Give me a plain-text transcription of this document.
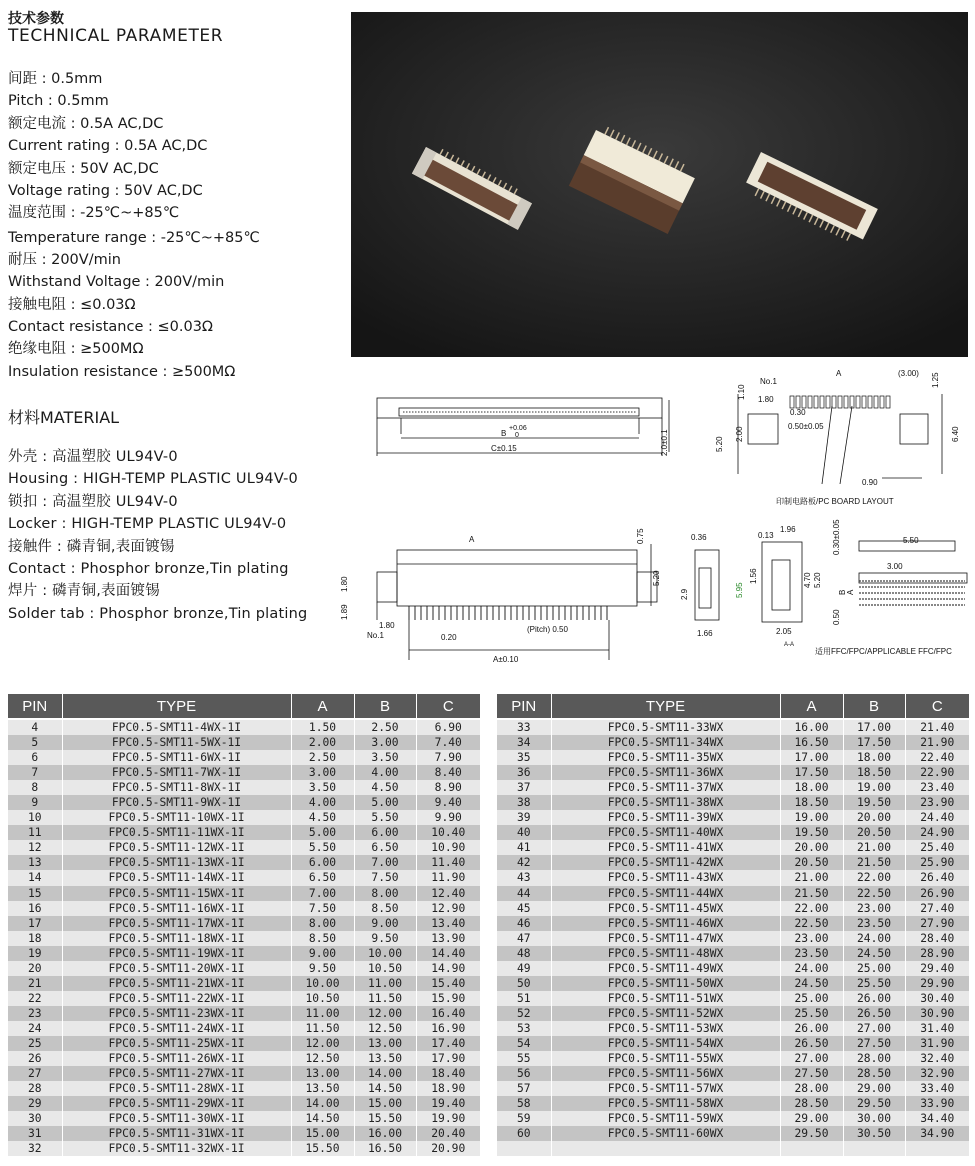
技术参数
TECHNICAL PARAMETER
间距 : 0.5mm
Pitch : 0.5mm
额定电流 : 0.5A AC,DC
Current rating : 0.5A AC,DC
额定电压 : 50V AC,DC
Voltage rating : 50V AC,DC
温度范围 : -25℃~+85℃
Temperature range : -25℃~+85℃
耐压 : 200V/min
Withstand Voltage : 200V/min
接触电阻 : ≤0.03Ω
Contact resistance : ≤0.03Ω
绝缘电阻 : ≥500MΩ
Insulation resistance : ≥500MΩ
材料MATERIAL
外壳 : 高温塑胶 UL94V-0
Housing : HIGH-TEMP PLASTIC UL94V-0
锁扣 : 高温塑胶 UL94V-0
Locker : HIGH-TEMP PLASTIC UL94V-0
接触件 : 磷青铜,表面镀锡
Contact : Phosphor bronze,Tin plating
焊片 : 磷青铜,表面镀锡
Solder tab : Phosphor bronze,Tin plating
B
+0.06
0
C±0.15	2.0±0.1
No.1
A	(3.00) 1.25
1.10 1.80
0.30
0.50±0.05
2.00
5.20
6.40
0.90
印制电路板/PC BOARD LAYOUT
A	0.75
5.20
1.80
1.89
1.80
No.1	0.20
(Pitch) 0.50
A±0.10
0.36
2.9
1.66
0.13
1.96
5.95
1.56	4.70 5.20
2.05
A-A
0.30±0.05	5.50
3.00
B A
0.50
适用FFC/FPC/APPLICABLE FFC/FPC
PIN	TYPE	A	B	C
4	FPC0.5-SMT11-4WX-1I	1.50	2.50	6.90
5	FPC0.5-SMT11-5WX-1I	2.00	3.00	7.40
6	FPC0.5-SMT11-6WX-1I	2.50	3.50	7.90
7	FPC0.5-SMT11-7WX-1I	3.00	4.00	8.40
8	FPC0.5-SMT11-8WX-1I	3.50	4.50	8.90
9	FPC0.5-SMT11-9WX-1I	4.00	5.00	9.40
10	FPC0.5-SMT11-10WX-1I	4.50	5.50	9.90
11	FPC0.5-SMT11-11WX-1I	5.00	6.00	10.40
12	FPC0.5-SMT11-12WX-1I	5.50	6.50	10.90
13	FPC0.5-SMT11-13WX-1I	6.00	7.00	11.40
14	FPC0.5-SMT11-14WX-1I	6.50	7.50	11.90
15	FPC0.5-SMT11-15WX-1I	7.00	8.00	12.40
16	FPC0.5-SMT11-16WX-1I	7.50	8.50	12.90
17	FPC0.5-SMT11-17WX-1I	8.00	9.00	13.40
18	FPC0.5-SMT11-18WX-1I	8.50	9.50	13.90
19	FPC0.5-SMT11-19WX-1I	9.00	10.00	14.40
20	FPC0.5-SMT11-20WX-1I	9.50	10.50	14.90
21	FPC0.5-SMT11-21WX-1I	10.00	11.00	15.40
22	FPC0.5-SMT11-22WX-1I	10.50	11.50	15.90
23	FPC0.5-SMT11-23WX-1I	11.00	12.00	16.40
24	FPC0.5-SMT11-24WX-1I	11.50	12.50	16.90
25	FPC0.5-SMT11-25WX-1I	12.00	13.00	17.40
26	FPC0.5-SMT11-26WX-1I	12.50	13.50	17.90
27	FPC0.5-SMT11-27WX-1I	13.00	14.00	18.40
28	FPC0.5-SMT11-28WX-1I	13.50	14.50	18.90
29	FPC0.5-SMT11-29WX-1I	14.00	15.00	19.40
30	FPC0.5-SMT11-30WX-1I	14.50	15.50	19.90
31	FPC0.5-SMT11-31WX-1I	15.00	16.00	20.40
32	FPC0.5-SMT11-32WX-1I	15.50	16.50	20.90
PIN	TYPE	A	B	C
33	FPC0.5-SMT11-33WX	16.00	17.00	21.40
34	FPC0.5-SMT11-34WX	16.50	17.50	21.90
35	FPC0.5-SMT11-35WX	17.00	18.00	22.40
36	FPC0.5-SMT11-36WX	17.50	18.50	22.90
37	FPC0.5-SMT11-37WX	18.00	19.00	23.40
38	FPC0.5-SMT11-38WX	18.50	19.50	23.90
39	FPC0.5-SMT11-39WX	19.00	20.00	24.40
40	FPC0.5-SMT11-40WX	19.50	20.50	24.90
41	FPC0.5-SMT11-41WX	20.00	21.00	25.40
42	FPC0.5-SMT11-42WX	20.50	21.50	25.90
43	FPC0.5-SMT11-43WX	21.00	22.00	26.40
44	FPC0.5-SMT11-44WX	21.50	22.50	26.90
45	FPC0.5-SMT11-45WX	22.00	23.00	27.40
46	FPC0.5-SMT11-46WX	22.50	23.50	27.90
47	FPC0.5-SMT11-47WX	23.00	24.00	28.40
48	FPC0.5-SMT11-48WX	23.50	24.50	28.90
49	FPC0.5-SMT11-49WX	24.00	25.00	29.40
50	FPC0.5-SMT11-50WX	24.50	25.50	29.90
51	FPC0.5-SMT11-51WX	25.00	26.00	30.40
52	FPC0.5-SMT11-52WX	25.50	26.50	30.90
53	FPC0.5-SMT11-53WX	26.00	27.00	31.40
54	FPC0.5-SMT11-54WX	26.50	27.50	31.90
55	FPC0.5-SMT11-55WX	27.00	28.00	32.40
56	FPC0.5-SMT11-56WX	27.50	28.50	32.90
57	FPC0.5-SMT11-57WX	28.00	29.00	33.40
58	FPC0.5-SMT11-58WX	28.50	29.50	33.90
59	FPC0.5-SMT11-59WX	29.00	30.00	34.40
60	FPC0.5-SMT11-60WX	29.50	30.50	34.90
